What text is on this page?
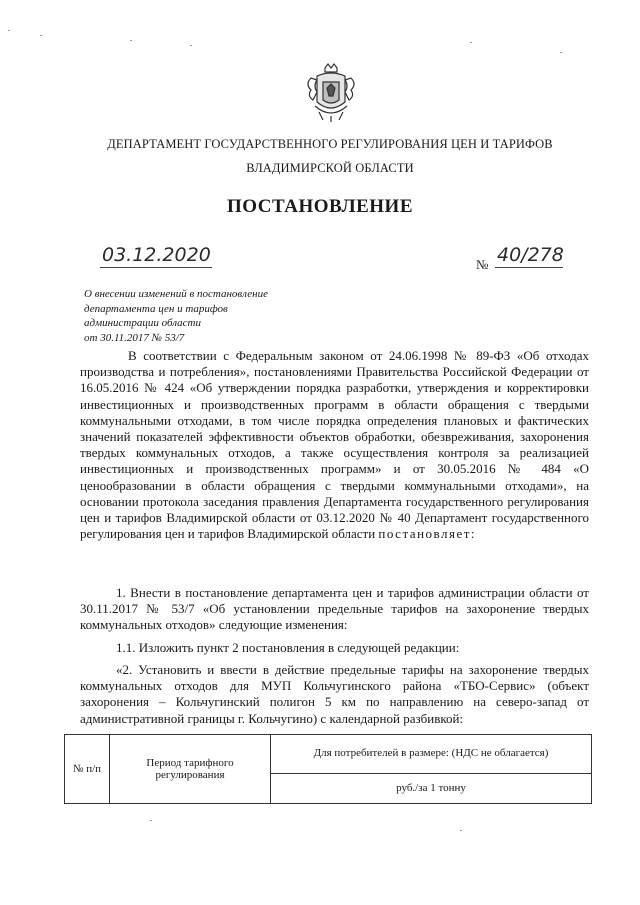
ДЕПАРТАМЕНТ ГОСУДАРСТВЕННОГО РЕГУЛИРОВАНИЯ ЦЕН И ТАРИФОВ
ВЛАДИМИРСКОЙ ОБЛАСТИ
ПОСТАНОВЛЕНИЕ
03.12.2020	№ 40/278
О внесении изменений в постановление
департамента цен и тарифов
администрации области
от 30.11.2017 № 53/7
В соответствии с Федеральным законом от 24.06.1998 № 89-ФЗ «Об отходах производства и потребления», постановлениями Правительства Российской Федерации от 16.05.2016 № 424 «Об утверждении порядка разработки, утверждения и корректировки инвестиционных и производственных программ в области обращения с твердыми коммунальными отходами, в том числе порядка определения плановых и фактических значений показателей эффективности объектов обработки, обезвреживания, захоронения твердых коммунальных отходов, а также осуществления контроля за реализацией инвестиционных и производственных программ» и от 30.05.2016 № 484 «О ценообразовании в области обращения с твердыми коммунальными отходами», на основании протокола заседания правления Департамента государственного регулирования цен и тарифов Владимирской области от 03.12.2020 № 40 Департамент государственного регулирования цен и тарифов Владимирской области постановляет:
1. Внести в постановление департамента цен и тарифов администрации области от 30.11.2017 № 53/7 «Об установлении предельные тарифов на захоронение твердых коммунальных отходов» следующие изменения:
1.1. Изложить пункт 2 постановления в следующей редакции:
«2. Установить и ввести в действие предельные тарифы на захоронение твердых коммунальных отходов для МУП Кольчугинского района «ТБО-Сервис» (объект захоронения – Кольчугинский полигон 5 км по направлению на северо-запад от административной границы г. Кольчугино) с календарной разбивкой:
№ п/п	Период тарифного регулирования	Для потребителей в размере: (НДС не облагается)
руб./за 1 тонну
